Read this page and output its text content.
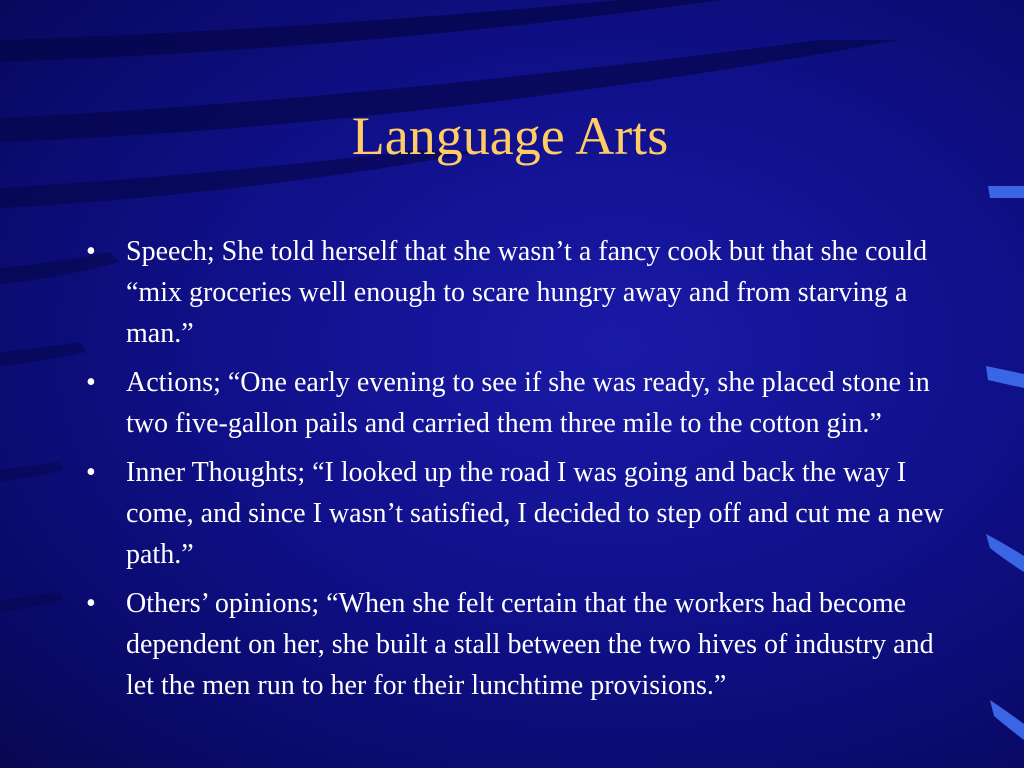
Language Arts
• Speech; She told herself that she wasn’t a fancy cook but that she could “mix groceries well enough to scare hungry away and from starving a man.”
• Actions; “One early evening to see if she was ready, she placed stone in two five-gallon pails and carried them three mile to the cotton gin.”
• Inner Thoughts; “I looked up the road I was going and back the way I come, and since I wasn’t satisfied, I decided to step off and cut me a new path.”
• Others’ opinions; “When she felt certain that the workers had become dependent on her, she built a stall between the two hives of industry and let the men run to her for their lunchtime provisions.”
